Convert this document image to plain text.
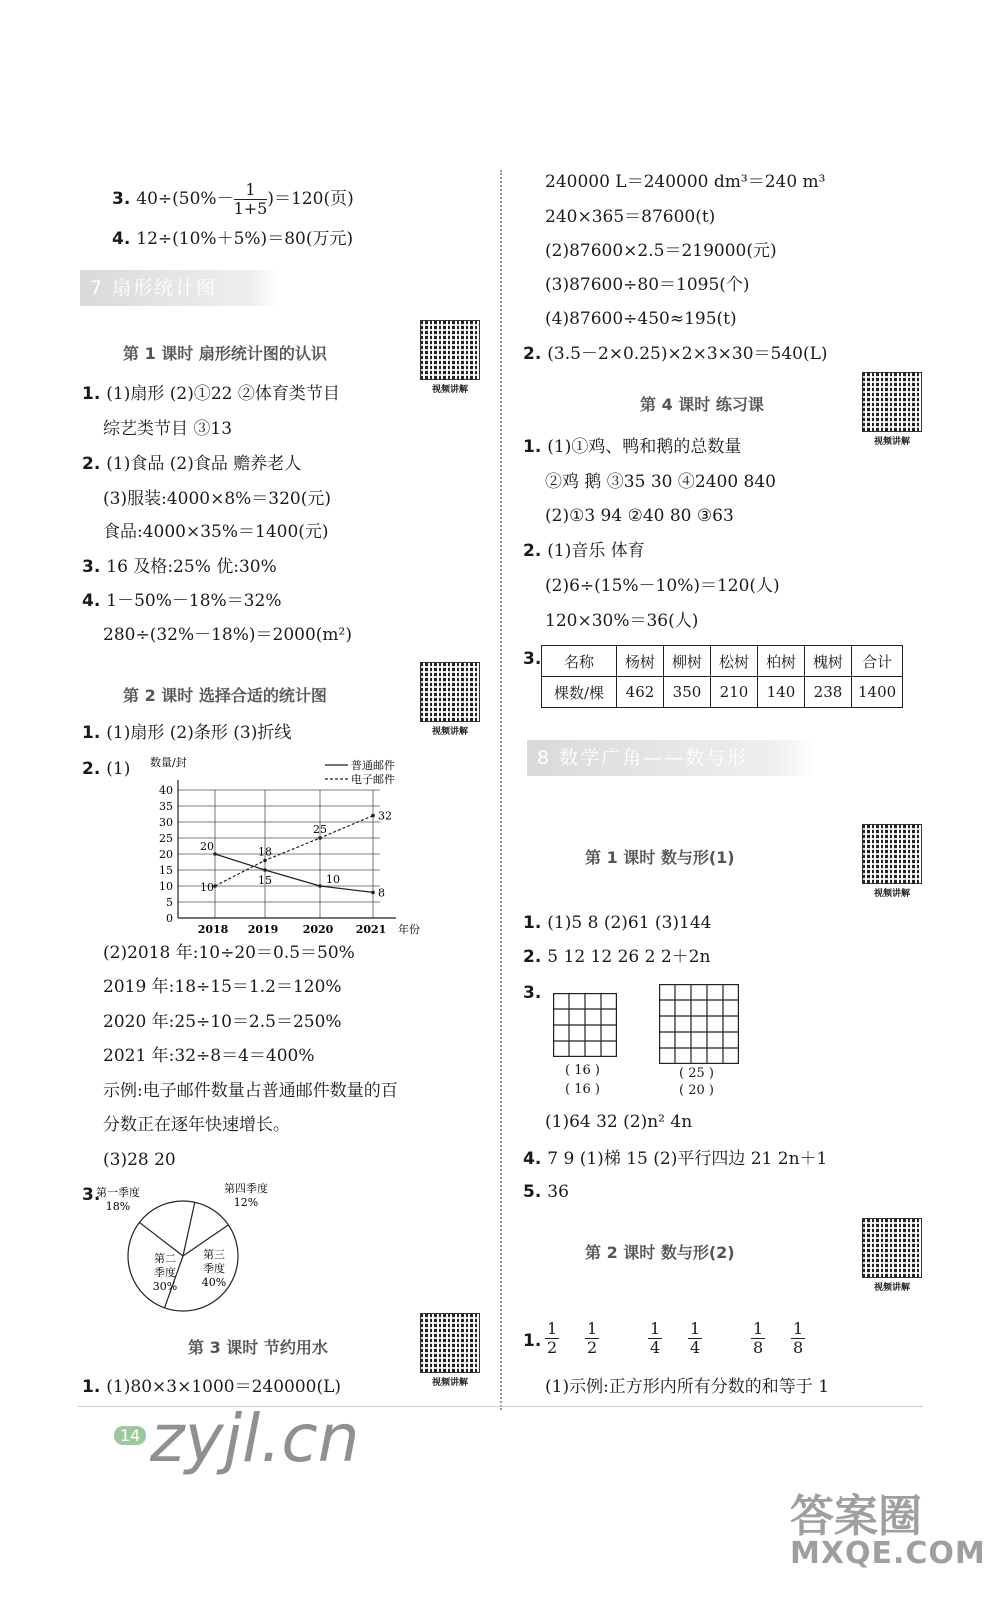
3. $40\div(50\%- \frac{1}{1+5} )=120$(页)
4. 12÷(10%＋5%)＝80(万元)
7 扇形统计图
第 1 课时 扇形统计图的认识
视频讲解
1. (1)扇形 (2)①22 ②体育类节目
综艺类节目 ③13
2. (1)食品 (2)食品 赡养老人
(3)服装:4000×8%＝320(元)
食品:4000×35%＝1400(元)
3. 16 及格:25% 优:30%
4. 1－50%－18%＝32%
280÷(32%－18%)＝2000(m²)
第 2 课时 选择合适的统计图
视频讲解
1. (1)扇形 (2)条形 (3)折线
2. (1)
0
5
10
15
20
25
30
35
40
2018 2019 2020 2021 年份
数量/封	普通邮件
电子邮件
20
15	10
8
10
18
25
32
(2)2018 年:10÷20＝0.5＝50%
2019 年:18÷15＝1.2＝120%
2020 年:25÷10＝2.5＝250%
2021 年:32÷8＝4＝400%
示例:电子邮件数量占普通邮件数量的百
分数正在逐年快速增长。
(3)28 20
3.
第一季度
18%
第四季度
12%
第二
季度
30%
第三
季度
40%
第 3 课时 节约用水
视频讲解
1. (1)80×3×1000＝240000(L)
240000 L＝240000 dm³＝240 m³
240×365＝87600(t)
(2)87600×2.5＝219000(元)
(3)87600÷80＝1095(个)
(4)87600÷450≈195(t)
2. (3.5－2×0.25)×2×3×30＝540(L)
第 4 课时 练习课
视频讲解
1. (1)①鸡、鸭和鹅的总数量
②鸡 鹅 ③35 30 ④2400 840
(2)①3 94 ②40 80 ③63
2. (1)音乐 体育
(2)6÷(15%－10%)＝120(人)
120×30%＝36(人)
3.	名称	杨树	柳树	松树	柏树	槐树	合计
棵数/棵	462	350	210	140	238	1400
8 数学广角——数与形
第 1 课时 数与形(1)
视频讲解
1. (1)5 8 (2)61 (3)144
2. 5 12 12 26 2 2＋2n
3.
( 16 )
( 16 )
( 25 )
( 20 )
(1)64 32 (2)n² 4n
4. 7 9 (1)梯 15 (2)平行四边 21 2n＋1
5. 36
第 2 课时 数与形(2)
视频讲解
1. $\frac{1}{2} \frac{1}{2}$	$\frac{1}{4} \frac{1}{4}$	$\frac{1}{8} \frac{1}{8}$
(1)示例:正方形内所有分数的和等于 1
14 zyjl.cn
答案圈
MXQE.COM
